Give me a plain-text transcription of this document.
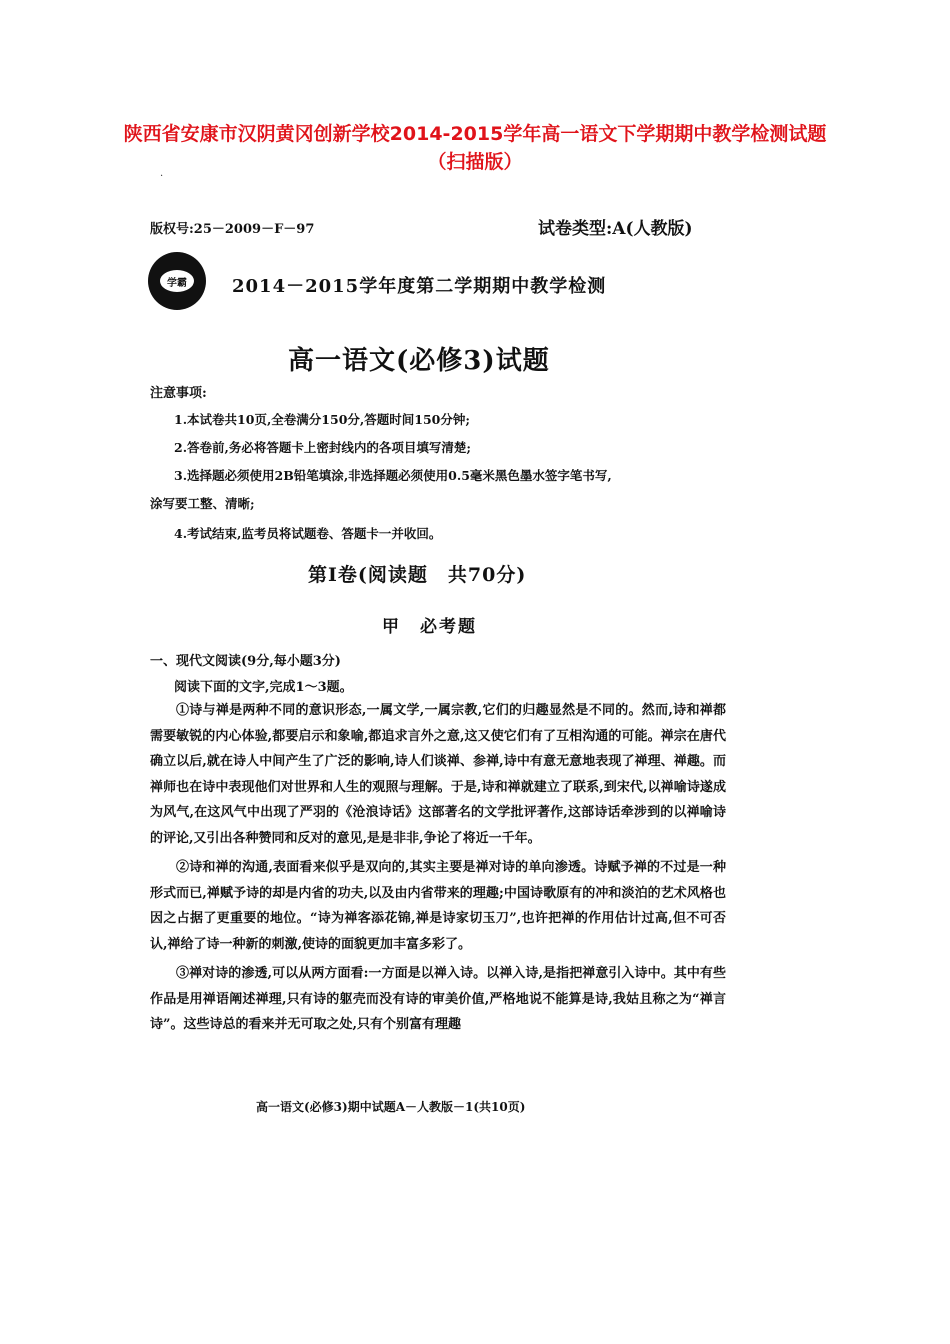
陕西省安康市汉阴黄冈创新学校2014-2015学年高一语文下学期期中教学检测试题（扫描版）
.
版权号:25－2009－F－97	试卷类型:A(人教版)
学霸	2014－2015学年度第二学期期中教学检测
高一语文(必修3)试题
注意事项:
1.本试卷共10页,全卷满分150分,答题时间150分钟;
2.答卷前,务必将答题卡上密封线内的各项目填写清楚;
3.选择题必须使用2B铅笔填涂,非选择题必须使用0.5毫米黑色墨水签字笔书写,
涂写要工整、清晰;
4.考试结束,监考员将试题卷、答题卡一并收回。
第Ⅰ卷(阅读题　共70分)
甲　必考题
一、现代文阅读(9分,每小题3分)
阅读下面的文字,完成1～3题。

①诗与禅是两种不同的意识形态,一属文学,一属宗教,它们的归趣显然是不同的。然而,诗和禅都需要敏锐的内心体验,都要启示和象喻,都追求言外之意,这又使它们有了互相沟通的可能。禅宗在唐代确立以后,就在诗人中间产生了广泛的影响,诗人们谈禅、参禅,诗中有意无意地表现了禅理、禅趣。而禅师也在诗中表现他们对世界和人生的观照与理解。于是,诗和禅就建立了联系,到宋代,以禅喻诗遂成为风气,在这风气中出现了严羽的《沧浪诗话》这部著名的文学批评著作,这部诗话牵涉到的以禅喻诗的评论,又引出各种赞同和反对的意见,是是非非,争论了将近一千年。

②诗和禅的沟通,表面看来似乎是双向的,其实主要是禅对诗的单向渗透。诗赋予禅的不过是一种形式而已,禅赋予诗的却是内省的功夫,以及由内省带来的理趣;中国诗歌原有的冲和淡泊的艺术风格也因之占据了更重要的地位。“诗为禅客添花锦,禅是诗家切玉刀”,也许把禅的作用估计过高,但不可否认,禅给了诗一种新的刺激,使诗的面貌更加丰富多彩了。

③禅对诗的渗透,可以从两方面看:一方面是以禅入诗。以禅入诗,是指把禅意引入诗中。其中有些作品是用禅语阐述禅理,只有诗的躯壳而没有诗的审美价值,严格地说不能算是诗,我姑且称之为“禅言诗”。这些诗总的看来并无可取之处,只有个别富有理趣

高一语文(必修3)期中试题A－人教版－1(共10页)
